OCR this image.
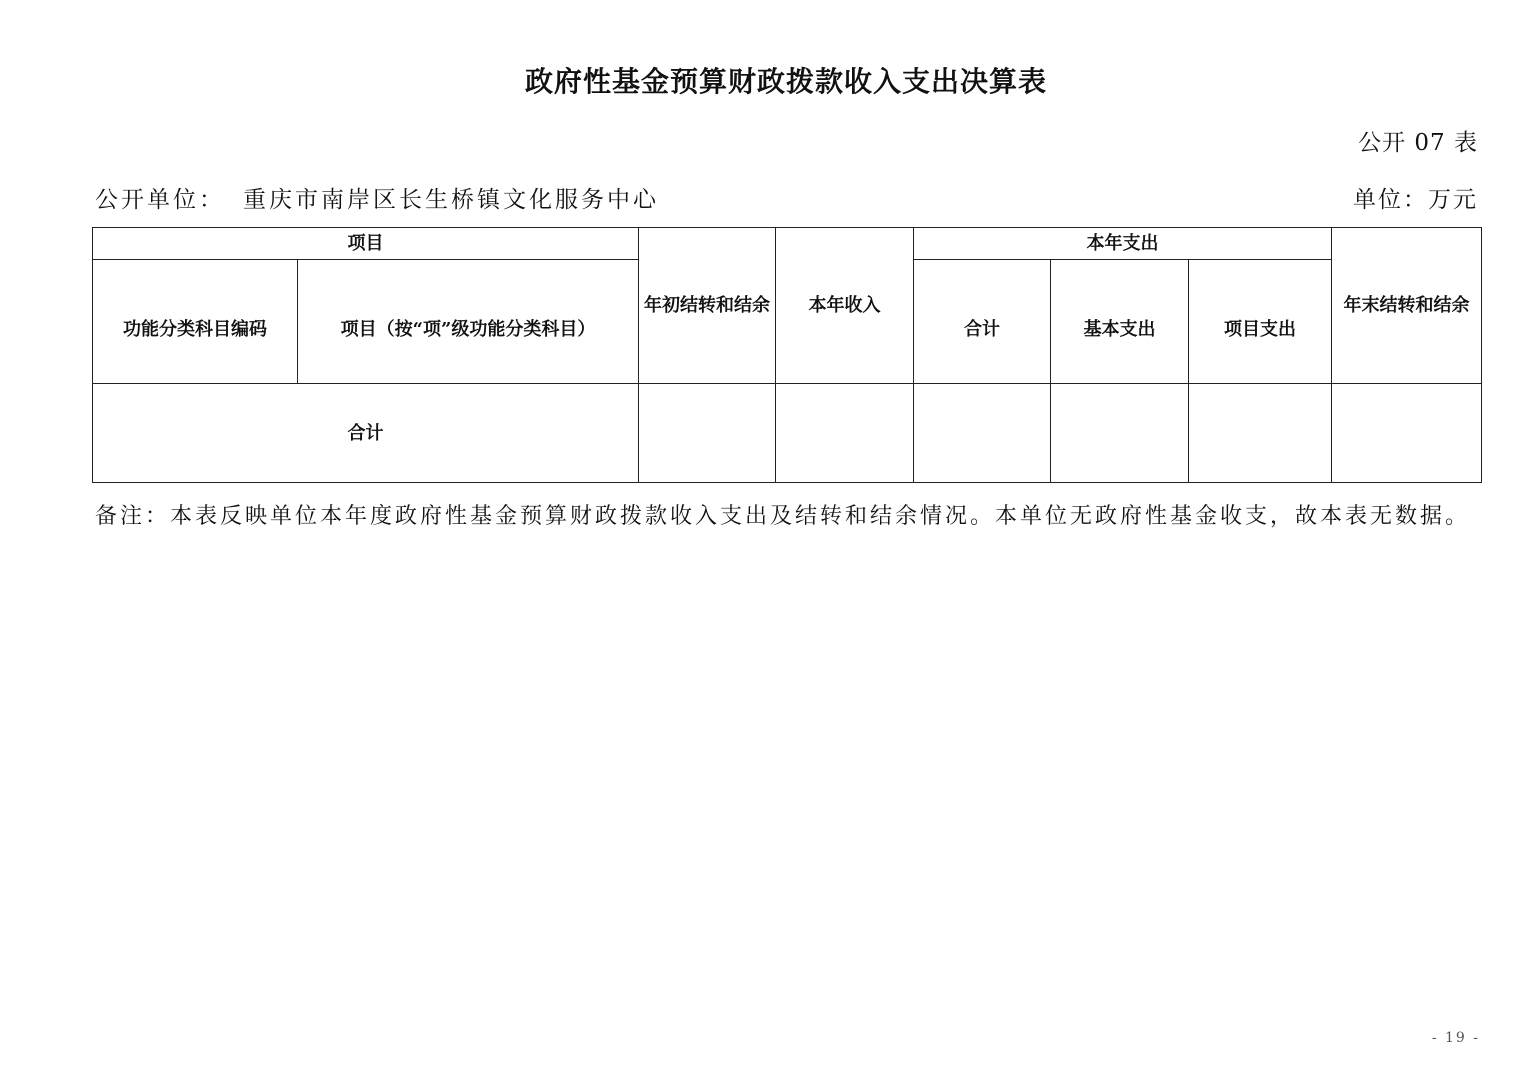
政府性基金预算财政拨款收入支出决算表
公开 07 表
公开单位： 重庆市南岸区长生桥镇文化服务中心	单位：万元
项目		年初结转和结余	本年收入	本年支出			年末结转和结余
功能分类科目编码	项目（按“项”级功能分类科目）			合计	基本支出	项目支出	
合计							
备注：本表反映单位本年度政府性基金预算财政拨款收入支出及结转和结余情况。本单位无政府性基金收支，故本表无数据。
- 19 -
